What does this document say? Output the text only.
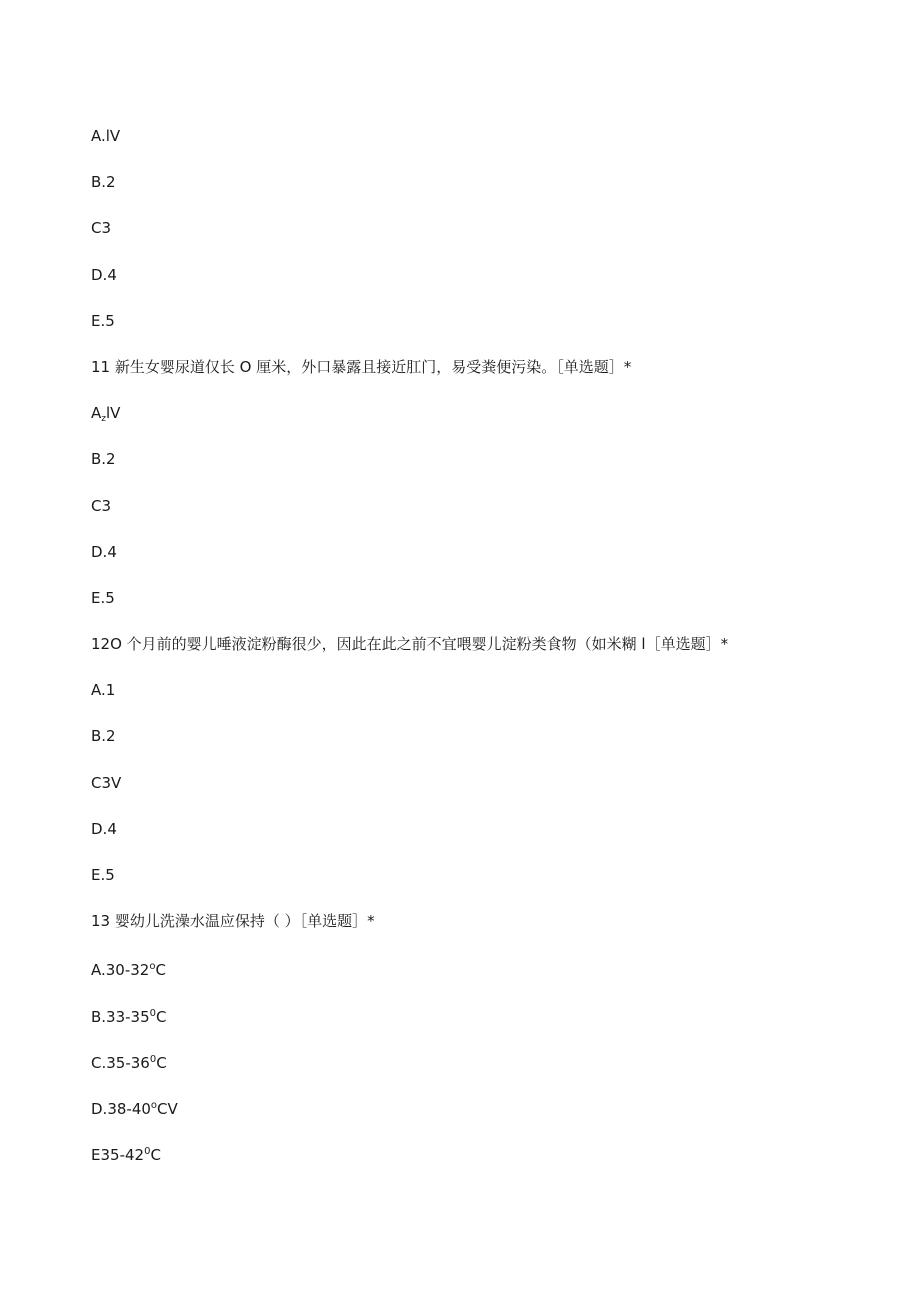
A.lV
B.2
C3
D.4
E.5
11 新生女婴尿道仅长 O 厘米，外口暴露且接近肛门，易受粪便污染。［单选题］*
$A_zlV$
B.2
C3
D.4
E.5
12O 个月前的婴儿唾液淀粉酶很少，因此在此之前不宜喂婴儿淀粉类食物（如米糊 l［单选题］*
A.1
B.2
C3V
D.4
E.5
13 婴幼儿洗澡水温应保持（ ）［单选题］*
A.30-32$^o$C
$B.33-35^0C$
$C.35-36^0C$
D.38-40$^o$CV
$E35-42^0C$
